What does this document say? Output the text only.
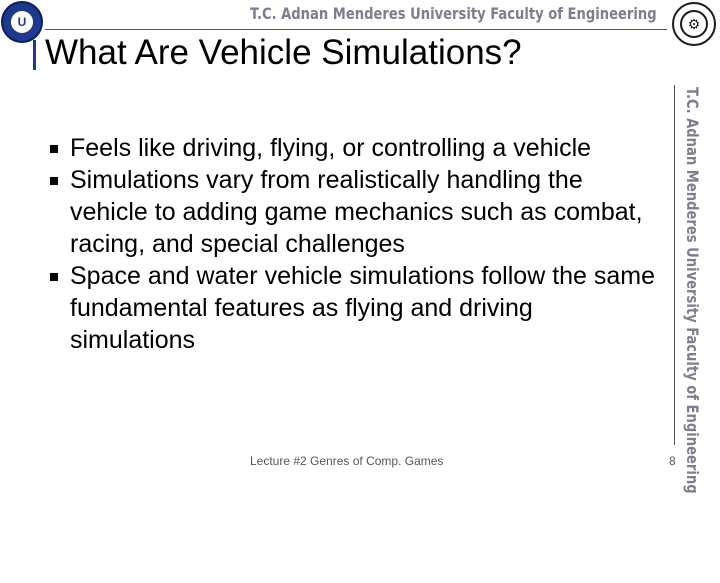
U	T.C. Adnan Menderes University Faculty of Engineering
⚙
What Are Vehicle Simulations?
T.C. Adnan Menderes University Faculty of Engineering
Feels like driving, flying, or controlling a vehicle
Simulations vary from realistically handling the vehicle to adding game mechanics such as combat, racing, and special challenges
Space and water vehicle simulations follow the same fundamental features as flying and driving simulations
Lecture #2 Genres of Comp. Games	8
